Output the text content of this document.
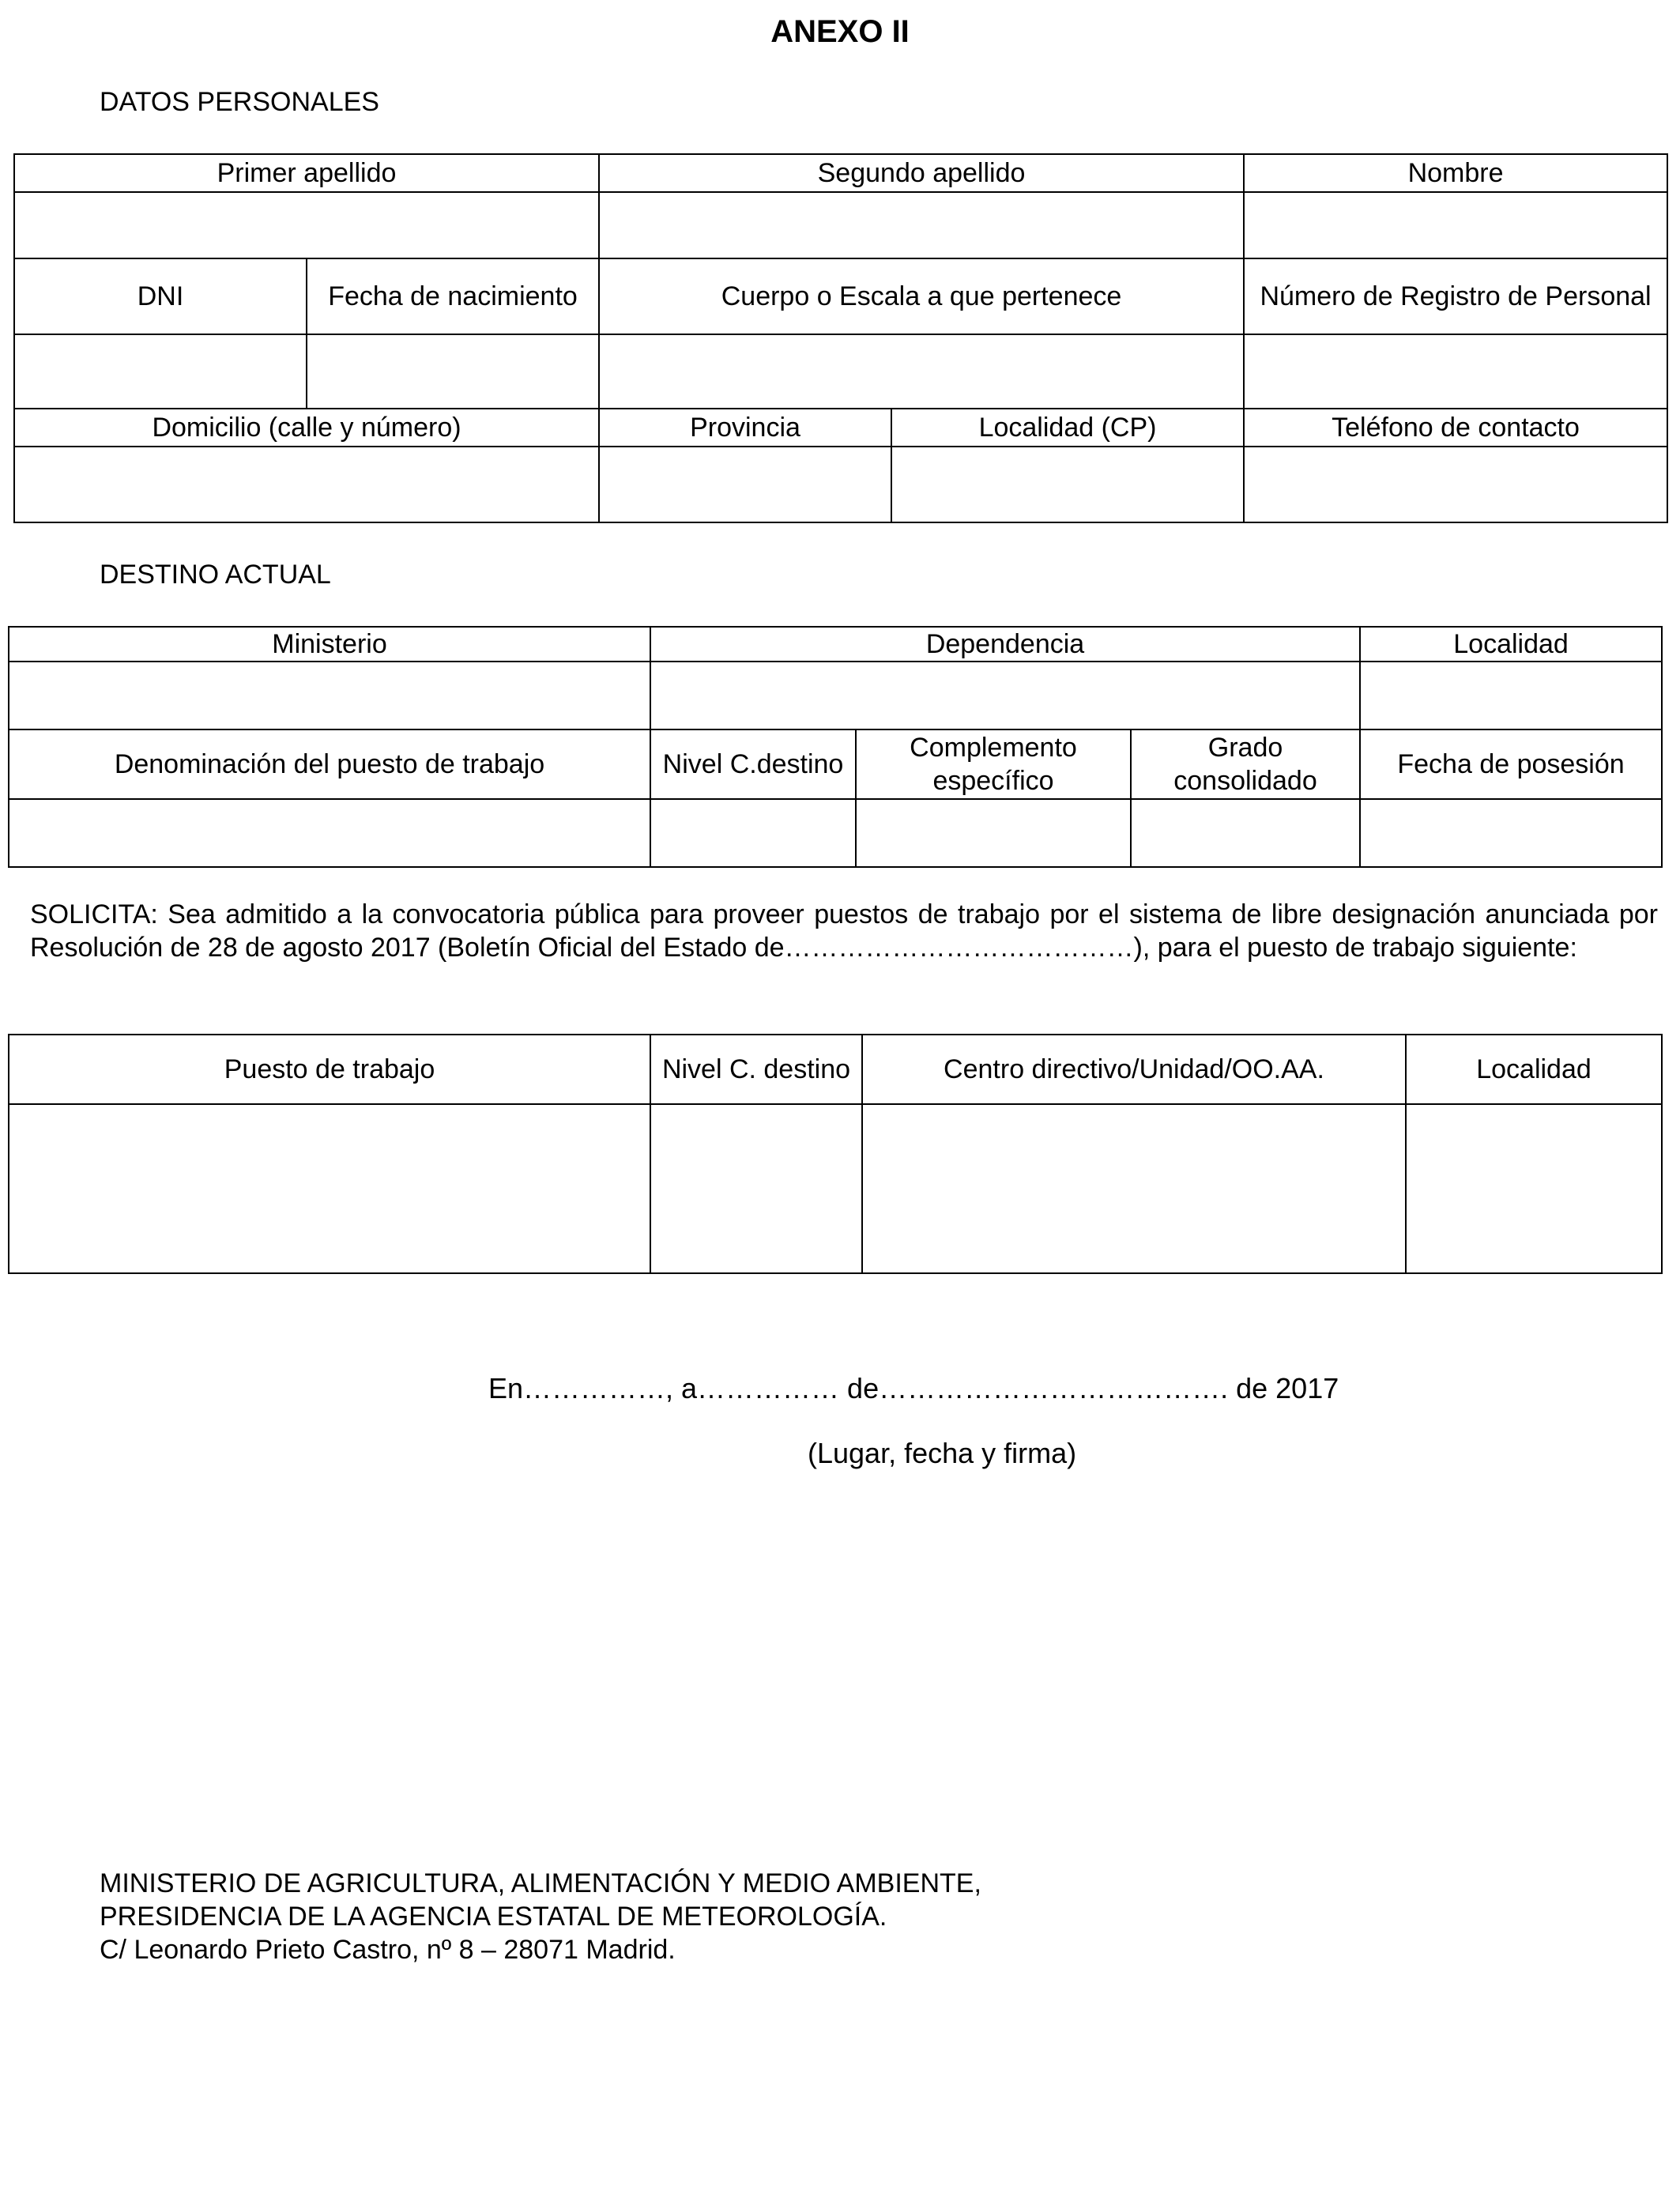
ANEXO II
DATOS PERSONALES
Primer apellido		Segundo apellido		Nombre

DNI	Fecha de nacimiento	Cuerpo o Escala a que pertenece		Número de Registro de Personal

Domicilio (calle y número)		Provincia	Localidad (CP)	Teléfono de contacto

DESTINO ACTUAL
Ministerio	Dependencia			Localidad

Denominación del puesto de trabajo	Nivel C.destino	Complemento específico	Grado consolidado	Fecha de posesión

SOLICITA: Sea admitido a la convocatoria pública para proveer puestos de trabajo por el sistema de libre designación anunciada por Resolución de 28 de agosto 2017 (Boletín Oficial del Estado de…………………………………), para el puesto de trabajo siguiente:
Puesto de trabajo	Nivel C. destino	Centro directivo/Unidad/OO.AA.	Localidad

En……………, a…………… de………………………………. de 2017
(Lugar, fecha y firma)
MINISTERIO DE AGRICULTURA, ALIMENTACIÓN Y MEDIO AMBIENTE,
PRESIDENCIA DE LA AGENCIA ESTATAL DE METEOROLOGÍA.
C/ Leonardo Prieto Castro, nº 8 – 28071 Madrid.
